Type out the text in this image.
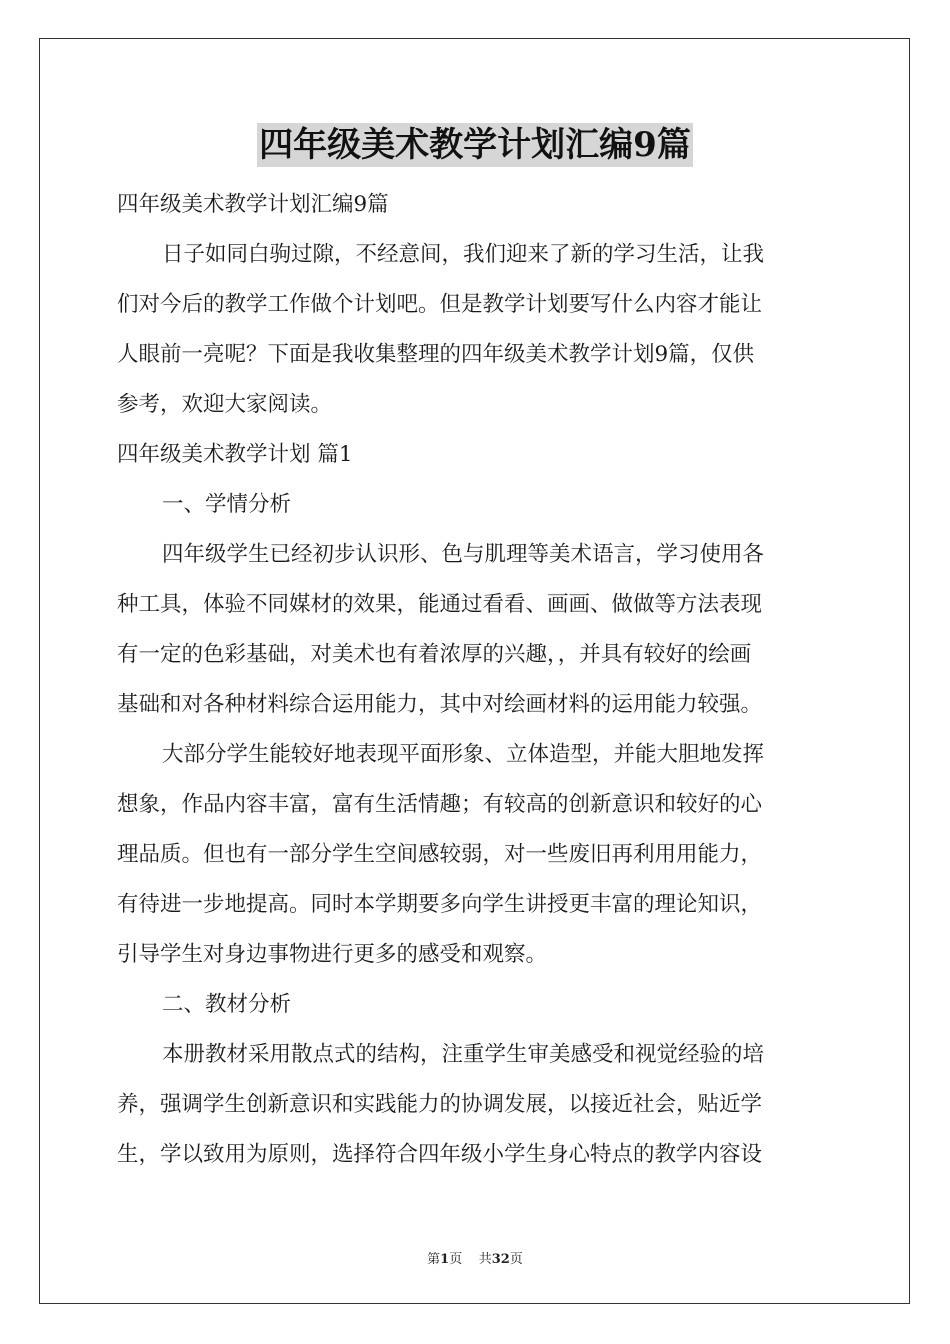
四年级美术教学计划汇编9篇
四年级美术教学计划汇编9篇
日子如同白驹过隙，不经意间，我们迎来了新的学习生活，让我
们对今后的教学工作做个计划吧。但是教学计划要写什么内容才能让
人眼前一亮呢？下面是我收集整理的四年级美术教学计划9篇，仅供
参考，欢迎大家阅读。
四年级美术教学计划 篇1
一、学情分析
四年级学生已经初步认识形、色与肌理等美术语言，学习使用各
种工具，体验不同媒材的效果，能通过看看、画画、做做等方法表现
有一定的色彩基础，对美术也有着浓厚的兴趣，，并具有较好的绘画
基础和对各种材料综合运用能力，其中对绘画材料的运用能力较强。
大部分学生能较好地表现平面形象、立体造型，并能大胆地发挥
想象，作品内容丰富，富有生活情趣；有较高的创新意识和较好的心
理品质。但也有一部分学生空间感较弱，对一些废旧再利用用能力，
有待进一步地提高。同时本学期要多向学生讲授更丰富的理论知识，
引导学生对身边事物进行更多的感受和观察。
二、教材分析
本册教材采用散点式的结构，注重学生审美感受和视觉经验的培
养，强调学生创新意识和实践能力的协调发展，以接近社会，贴近学
生，学以致用为原则，选择符合四年级小学生身心特点的教学内容设
第1页 共32页
